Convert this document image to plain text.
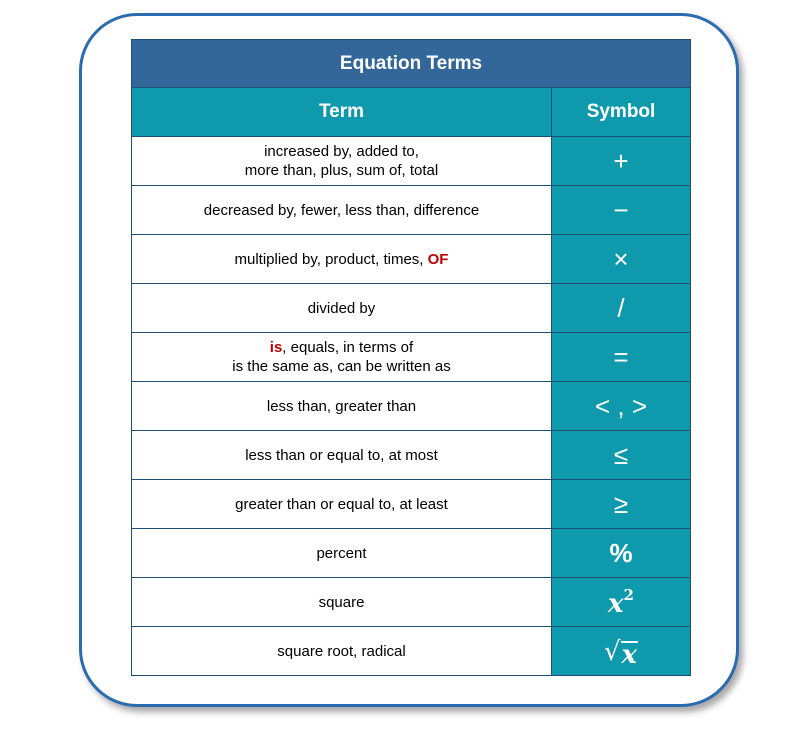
Equation Terms	
Term	Symbol

increased by, added to,
more than, plus, sum of, total	+

decreased by, fewer, less than, difference	−
multiplied by, product, times, OF	×

divided by	/

is, equals, in terms of
is the same as, can be written as	=

less than, greater than	< , >

less than or equal to, at most	≤

greater than or equal to, at least	≥

percent	%

square	$x^2$

square root, radical	√ x
